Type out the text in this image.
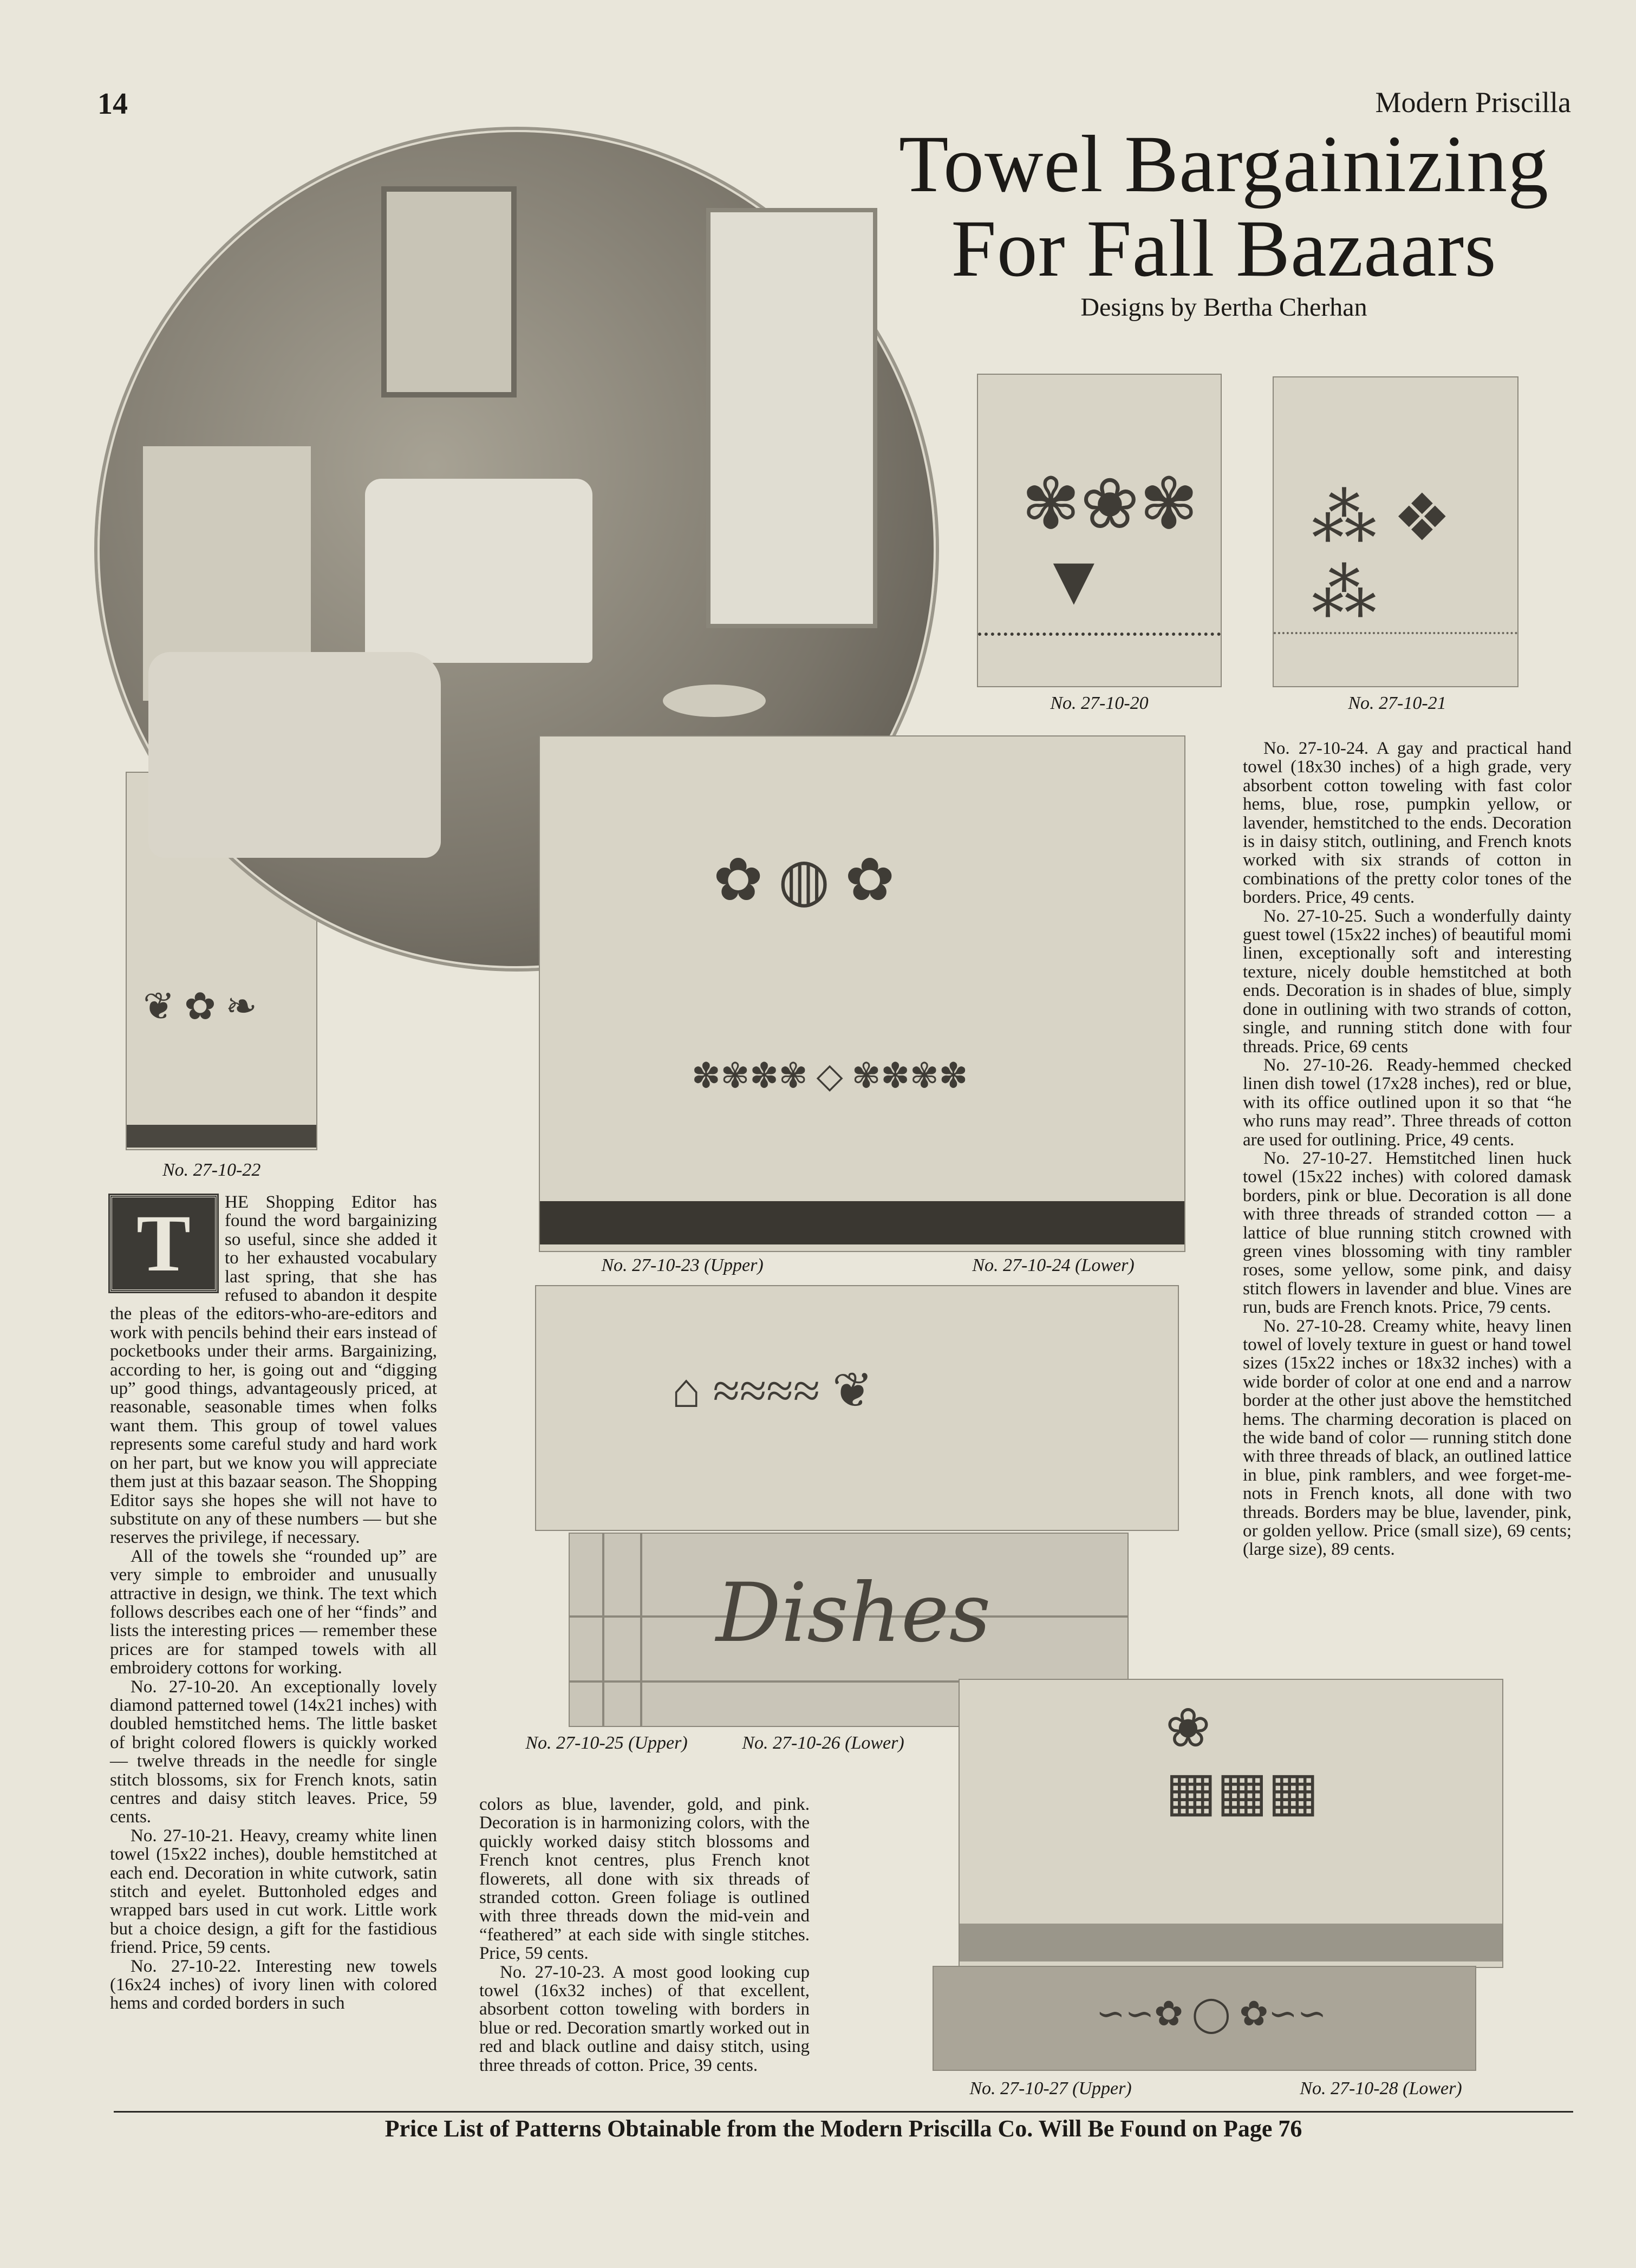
14	Modern Priscilla
Towel Bargainizing
For Fall Bazaars
Designs by Bertha Cherhan
❦ ✿ ❧
No. 27-10-22
✾❀✾
▼
No. 27-10-20
⁂ ❖ ⁂
No. 27-10-21
✿ ◍ ✿
✽✾✽✾ ◇ ✾✽✾✽
No. 27-10-23 (Upper)	No. 27-10-24 (Lower)
⌂ ≈≈≈≈ ❦
Dishes
No. 27-10-25 (Upper)	No. 27-10-26 (Lower)	❀
▦▦▦
∽∽✿ ◯ ✿∽∽
No. 27-10-27 (Upper)	No. 27-10-28 (Lower)
T	HE Shopping Editor has found the word bargainizing so useful, since she added it to her exhausted vocabulary last spring, that she has refused to abandon it despite the pleas of the editors-who-are-editors and work with pencils behind their ears instead of pocketbooks under their arms. Bargainizing, according to her, is going out and “digging up” good things, advantageously priced, at reasonable, seasonable times when folks want them. This group of towel values represents some careful study and hard work on her part, but we know you will appreciate them just at this bazaar season. The Shopping Editor says she hopes she will not have to substitute on any of these numbers — but she reserves the privilege, if necessary.

All of the towels she “rounded up” are very simple to embroider and unusually attractive in design, we think. The text which follows describes each one of her “finds” and lists the interesting prices — remember these prices are for stamped towels with all embroidery cottons for working.

No. 27-10-20. An exceptionally lovely diamond patterned towel (14x21 inches) with doubled hemstitched hems. The little basket of bright colored flowers is quickly worked — twelve threads in the needle for single stitch blossoms, six for French knots, satin centres and daisy stitch leaves. Price, 59 cents.

No. 27-10-21. Heavy, creamy white linen towel (15x22 inches), double hemstitched at each end. Decoration in white cutwork, satin stitch and eyelet. Buttonholed edges and wrapped bars used in cut work. Little work but a choice design, a gift for the fastidious friend. Price, 59 cents.

No. 27-10-22. Interesting new towels (16x24 inches) of ivory linen with colored hems and corded borders in such

colors as blue, lavender, gold, and pink. Decoration is in harmonizing colors, with the quickly worked daisy stitch blossoms and French knot centres, plus French knot flowerets, all done with six threads of stranded cotton. Green foliage is outlined with three threads down the mid-vein and “feathered” at each side with single stitches. Price, 59 cents.

No. 27-10-23. A most good looking cup towel (16x32 inches) of that excellent, absorbent cotton toweling with borders in blue or red. Decoration smartly worked out in red and black outline and daisy stitch, using three threads of cotton. Price, 39 cents.

No. 27-10-24. A gay and practical hand towel (18x30 inches) of a high grade, very absorbent cotton toweling with fast color hems, blue, rose, pumpkin yellow, or lavender, hemstitched to the ends. Decoration is in daisy stitch, outlining, and French knots worked with six strands of cotton in combinations of the pretty color tones of the borders. Price, 49 cents.

No. 27-10-25. Such a wonderfully dainty guest towel (15x22 inches) of beautiful momi linen, exceptionally soft and interesting texture, nicely double hemstitched at both ends. Decoration is in shades of blue, simply done in outlining with two strands of cotton, single, and running stitch done with four threads. Price, 69 cents

No. 27-10-26. Ready-hemmed checked linen dish towel (17x28 inches), red or blue, with its office outlined upon it so that “he who runs may read”. Three threads of cotton are used for outlining. Price, 49 cents.

No. 27-10-27. Hemstitched linen huck towel (15x22 inches) with colored damask borders, pink or blue. Decoration is all done with three threads of stranded cotton — a lattice of blue running stitch crowned with green vines blossoming with tiny rambler roses, some yellow, some pink, and daisy stitch flowers in lavender and blue. Vines are run, buds are French knots. Price, 79 cents.

No. 27-10-28. Creamy white, heavy linen towel of lovely texture in guest or hand towel sizes (15x22 inches or 18x32 inches) with a wide border of color at one end and a narrow border at the other just above the hemstitched hems. The charming decoration is placed on the wide band of color — running stitch done with three threads of black, an outlined lattice in blue, pink ramblers, and wee forget-me-nots in French knots, all done with two threads. Borders may be blue, lavender, pink, or golden yellow. Price (small size), 69 cents; (large size), 89 cents.

Price List of Patterns Obtainable from the Modern Priscilla Co. Will Be Found on Page 76
